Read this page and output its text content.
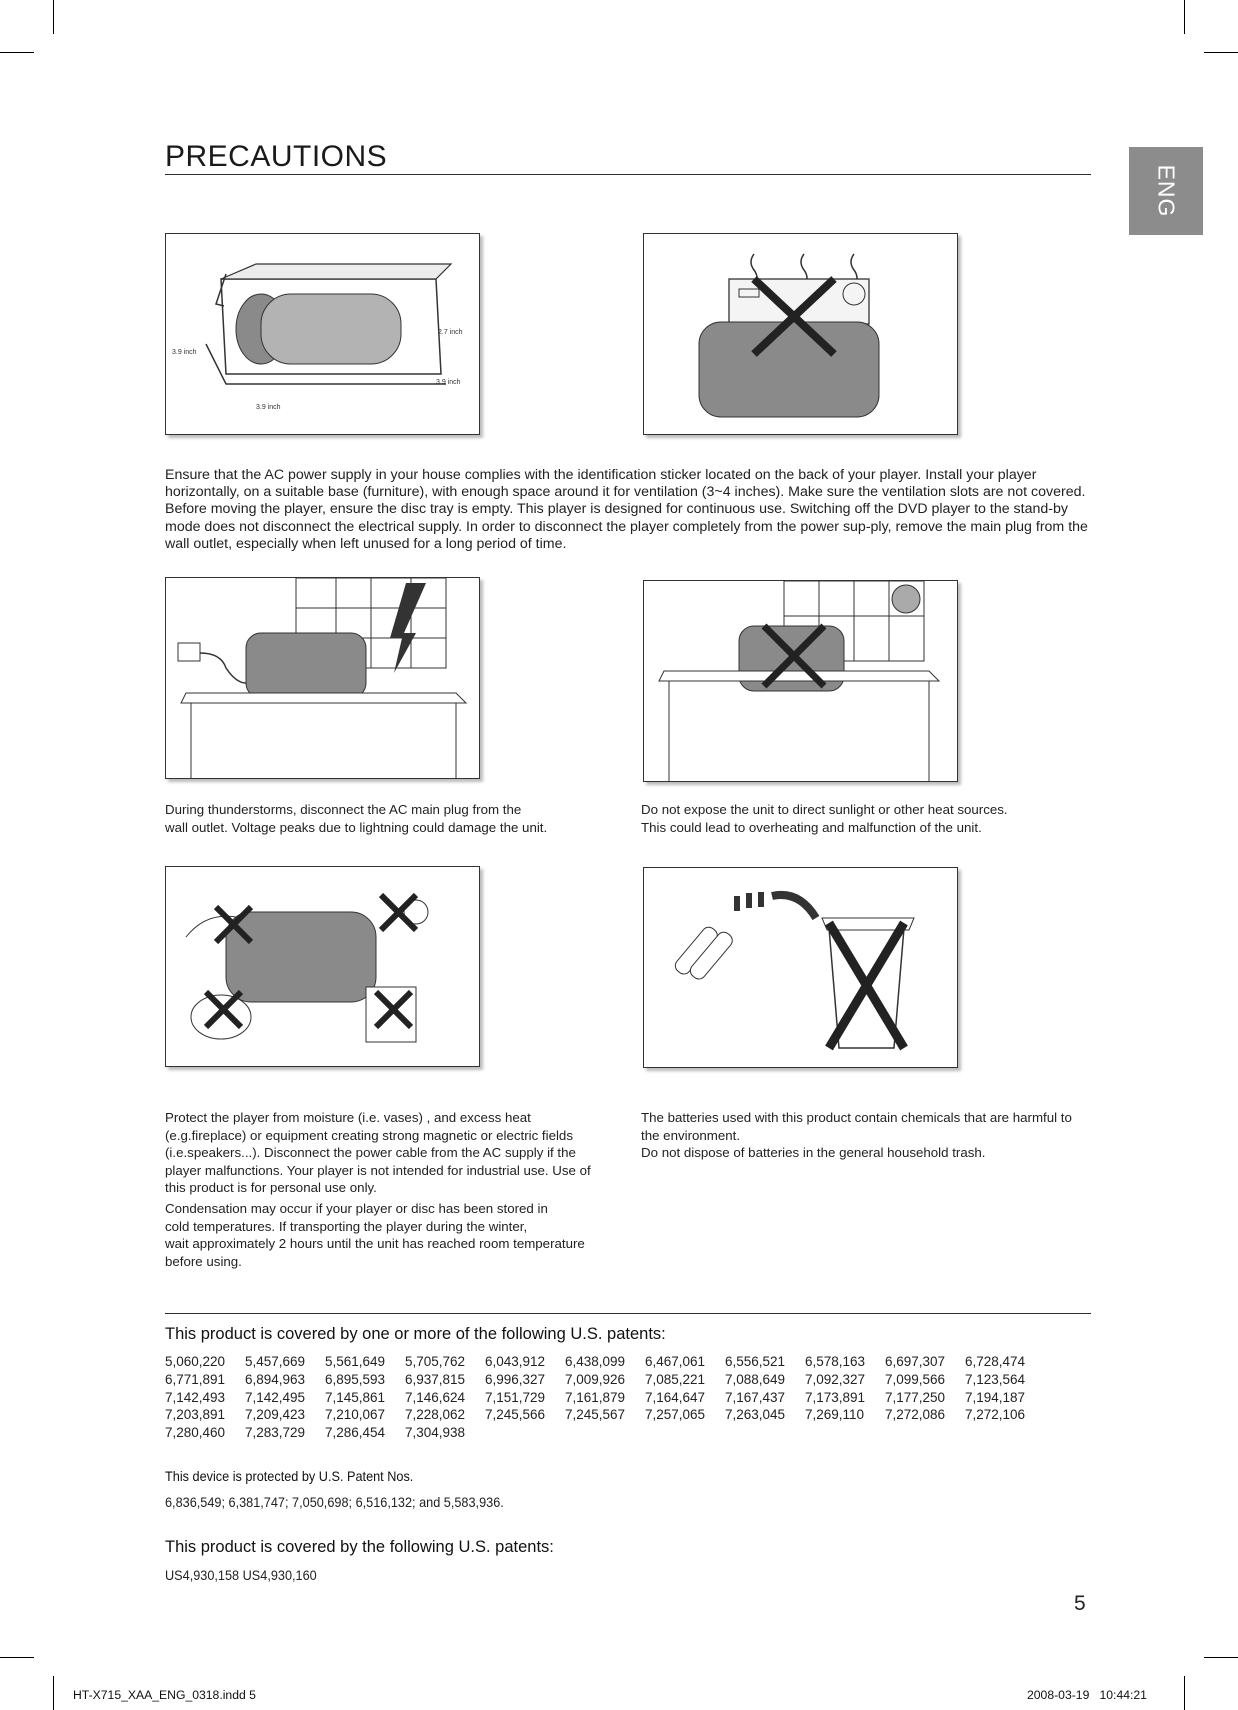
PRECAUTIONS
ENG
2.7 inch
3.9 inch
3.9 inch
3.9 inch
Ensure that the AC power supply in your house complies with the identification sticker located on the back of your player. Install your player horizontally, on a suitable base (furniture), with enough space around it for ventilation (3~4 inches). Make sure the ventilation slots are not covered. Before moving the player, ensure the disc tray is empty. This player is designed for continuous use. Switching off the DVD player to the stand-by mode does not disconnect the electrical supply. In order to disconnect the player completely from the power sup-ply, remove the main plug from the wall outlet, especially when left unused for a long period of time.
During thunderstorms, disconnect the AC main plug from the
wall outlet. Voltage peaks due to lightning could damage the unit.
Do not expose the unit to direct sunlight or other heat sources.
This could lead to overheating and malfunction of the unit.
Protect the player from moisture (i.e. vases) , and excess heat
(e.g.fireplace) or equipment creating strong magnetic or electric fields
(i.e.speakers...). Disconnect the power cable from the AC supply if the
player malfunctions. Your player is not intended for industrial use. Use of
this product is for personal use only.
Condensation may occur if your player or disc has been stored in
cold temperatures. If transporting the player during the winter,
wait approximately 2 hours until the unit has reached room temperature
before using.
The batteries used with this product contain chemicals that are harmful to
the environment.
Do not dispose of batteries in the general household trash.
This product is covered by one or more of the following U.S. patents:
5,060,220	5,457,669	5,561,649	5,705,762	6,043,912	6,438,099	6,467,061	6,556,521	6,578,163	6,697,307	6,728,474
6,771,891	6,894,963	6,895,593	6,937,815	6,996,327	7,009,926	7,085,221	7,088,649	7,092,327	7,099,566	7,123,564
7,142,493	7,142,495	7,145,861	7,146,624	7,151,729	7,161,879	7,164,647	7,167,437	7,173,891	7,177,250	7,194,187
7,203,891	7,209,423	7,210,067	7,228,062	7,245,566	7,245,567	7,257,065	7,263,045	7,269,110	7,272,086	7,272,106
7,280,460	7,283,729	7,286,454	7,304,938
This device is protected by U.S. Patent Nos.
6,836,549; 6,381,747; 7,050,698; 6,516,132; and 5,583,936.
This product is covered by the following U.S. patents:
US4,930,158 US4,930,160
5
HT-X715_XAA_ENG_0318.indd 5	2008-03-19   10:44:21
